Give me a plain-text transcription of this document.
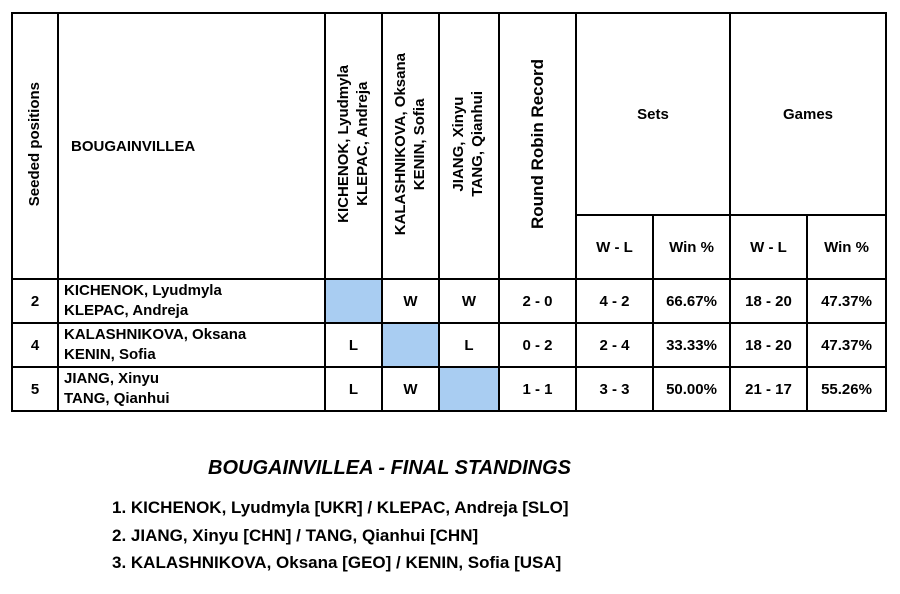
Seeded positions	BOUGAINVILLEA	KICHENOK, Lyudmyla KLEPAC, Andreja	KALASHNIKOVA, Oksana KENIN, Sofia	JIANG, Xinyu TANG, Qianhui	Round Robin Record	Sets		Games	
						W - L	Win %	W - L	Win %
2	KICHENOK, Lyudmyla
KLEPAC, Andreja		W	W	2 - 0	4 - 2	66.67%	18 - 20	47.37%
4	KALASHNIKOVA, Oksana
KENIN, Sofia	L		L	0 - 2	2 - 4	33.33%	18 - 20	47.37%
5	JIANG, Xinyu
TANG, Qianhui	L	W		1 - 1	3 - 3	50.00%	21 - 17	55.26%
BOUGAINVILLEA - FINAL STANDINGS
1. KICHENOK, Lyudmyla [UKR] / KLEPAC, Andreja [SLO]
2. JIANG, Xinyu [CHN] / TANG, Qianhui [CHN]
3. KALASHNIKOVA, Oksana [GEO] / KENIN, Sofia [USA]
